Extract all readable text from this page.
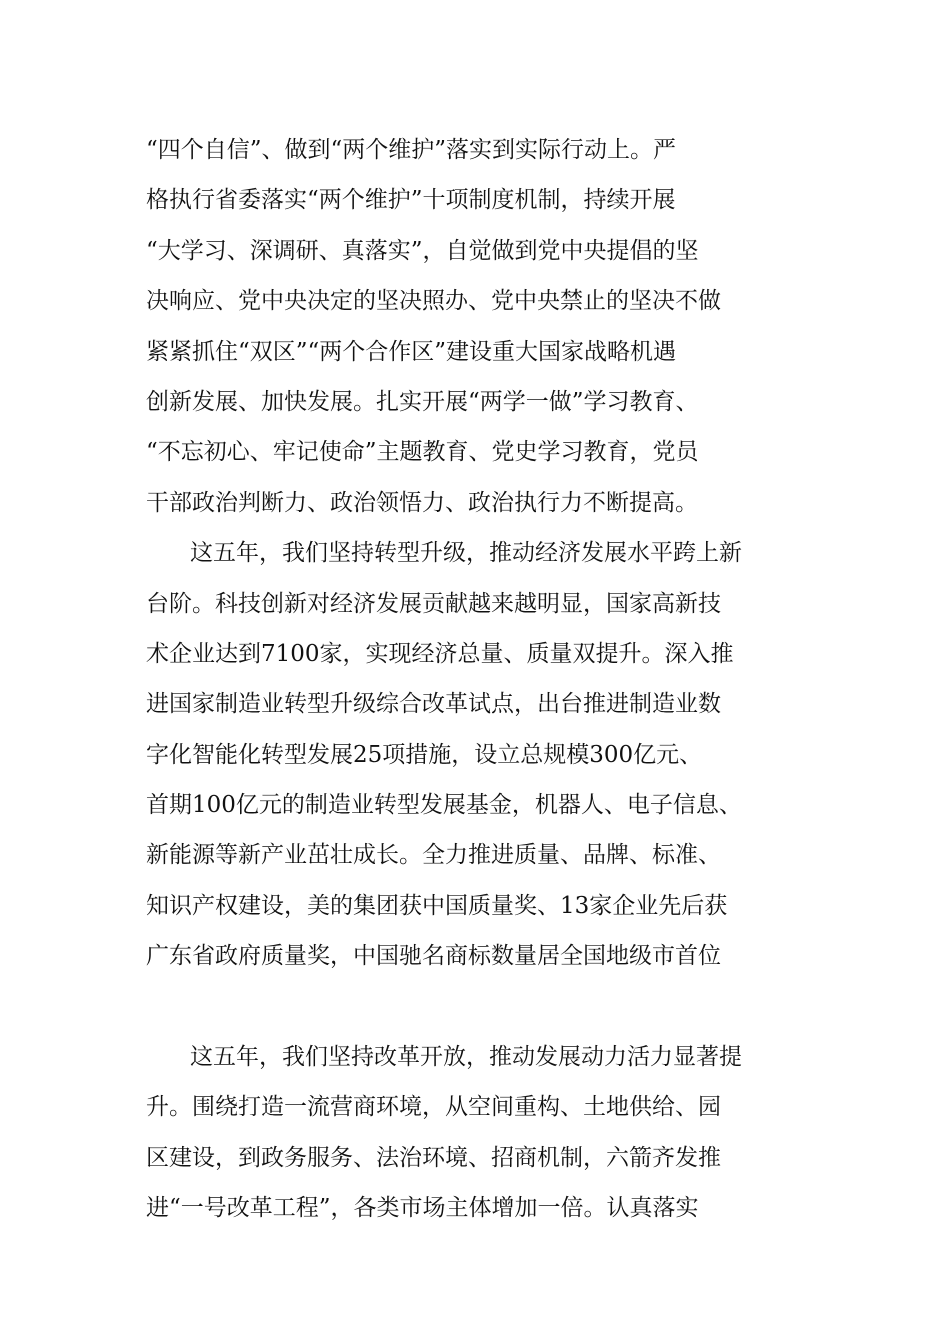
“四个自信”、做到“两个维护”落实到实际行动上。严
格执行省委落实“两个维护”十项制度机制，持续开展
“大学习、深调研、真落实”，自觉做到党中央提倡的坚
决响应、党中央决定的坚决照办、党中央禁止的坚决不做
紧紧抓住“双区”“两个合作区”建设重大国家战略机遇
创新发展、加快发展。扎实开展“两学一做”学习教育、
“不忘初心、牢记使命”主题教育、党史学习教育，党员
干部政治判断力、政治领悟力、政治执行力不断提高。
这五年，我们坚持转型升级，推动经济发展水平跨上新
台阶。科技创新对经济发展贡献越来越明显，国家高新技
术企业达到7100家，实现经济总量、质量双提升。深入推
进国家制造业转型升级综合改革试点，出台推进制造业数
字化智能化转型发展25项措施，设立总规模300亿元、
首期100亿元的制造业转型发展基金，机器人、电子信息、
新能源等新产业茁壮成长。全力推进质量、品牌、标准、
知识产权建设，美的集团获中国质量奖、13家企业先后获
广东省政府质量奖，中国驰名商标数量居全国地级市首位
这五年，我们坚持改革开放，推动发展动力活力显著提
升。围绕打造一流营商环境，从空间重构、土地供给、园
区建设，到政务服务、法治环境、招商机制，六箭齐发推
进“一号改革工程”，各类市场主体增加一倍。认真落实
